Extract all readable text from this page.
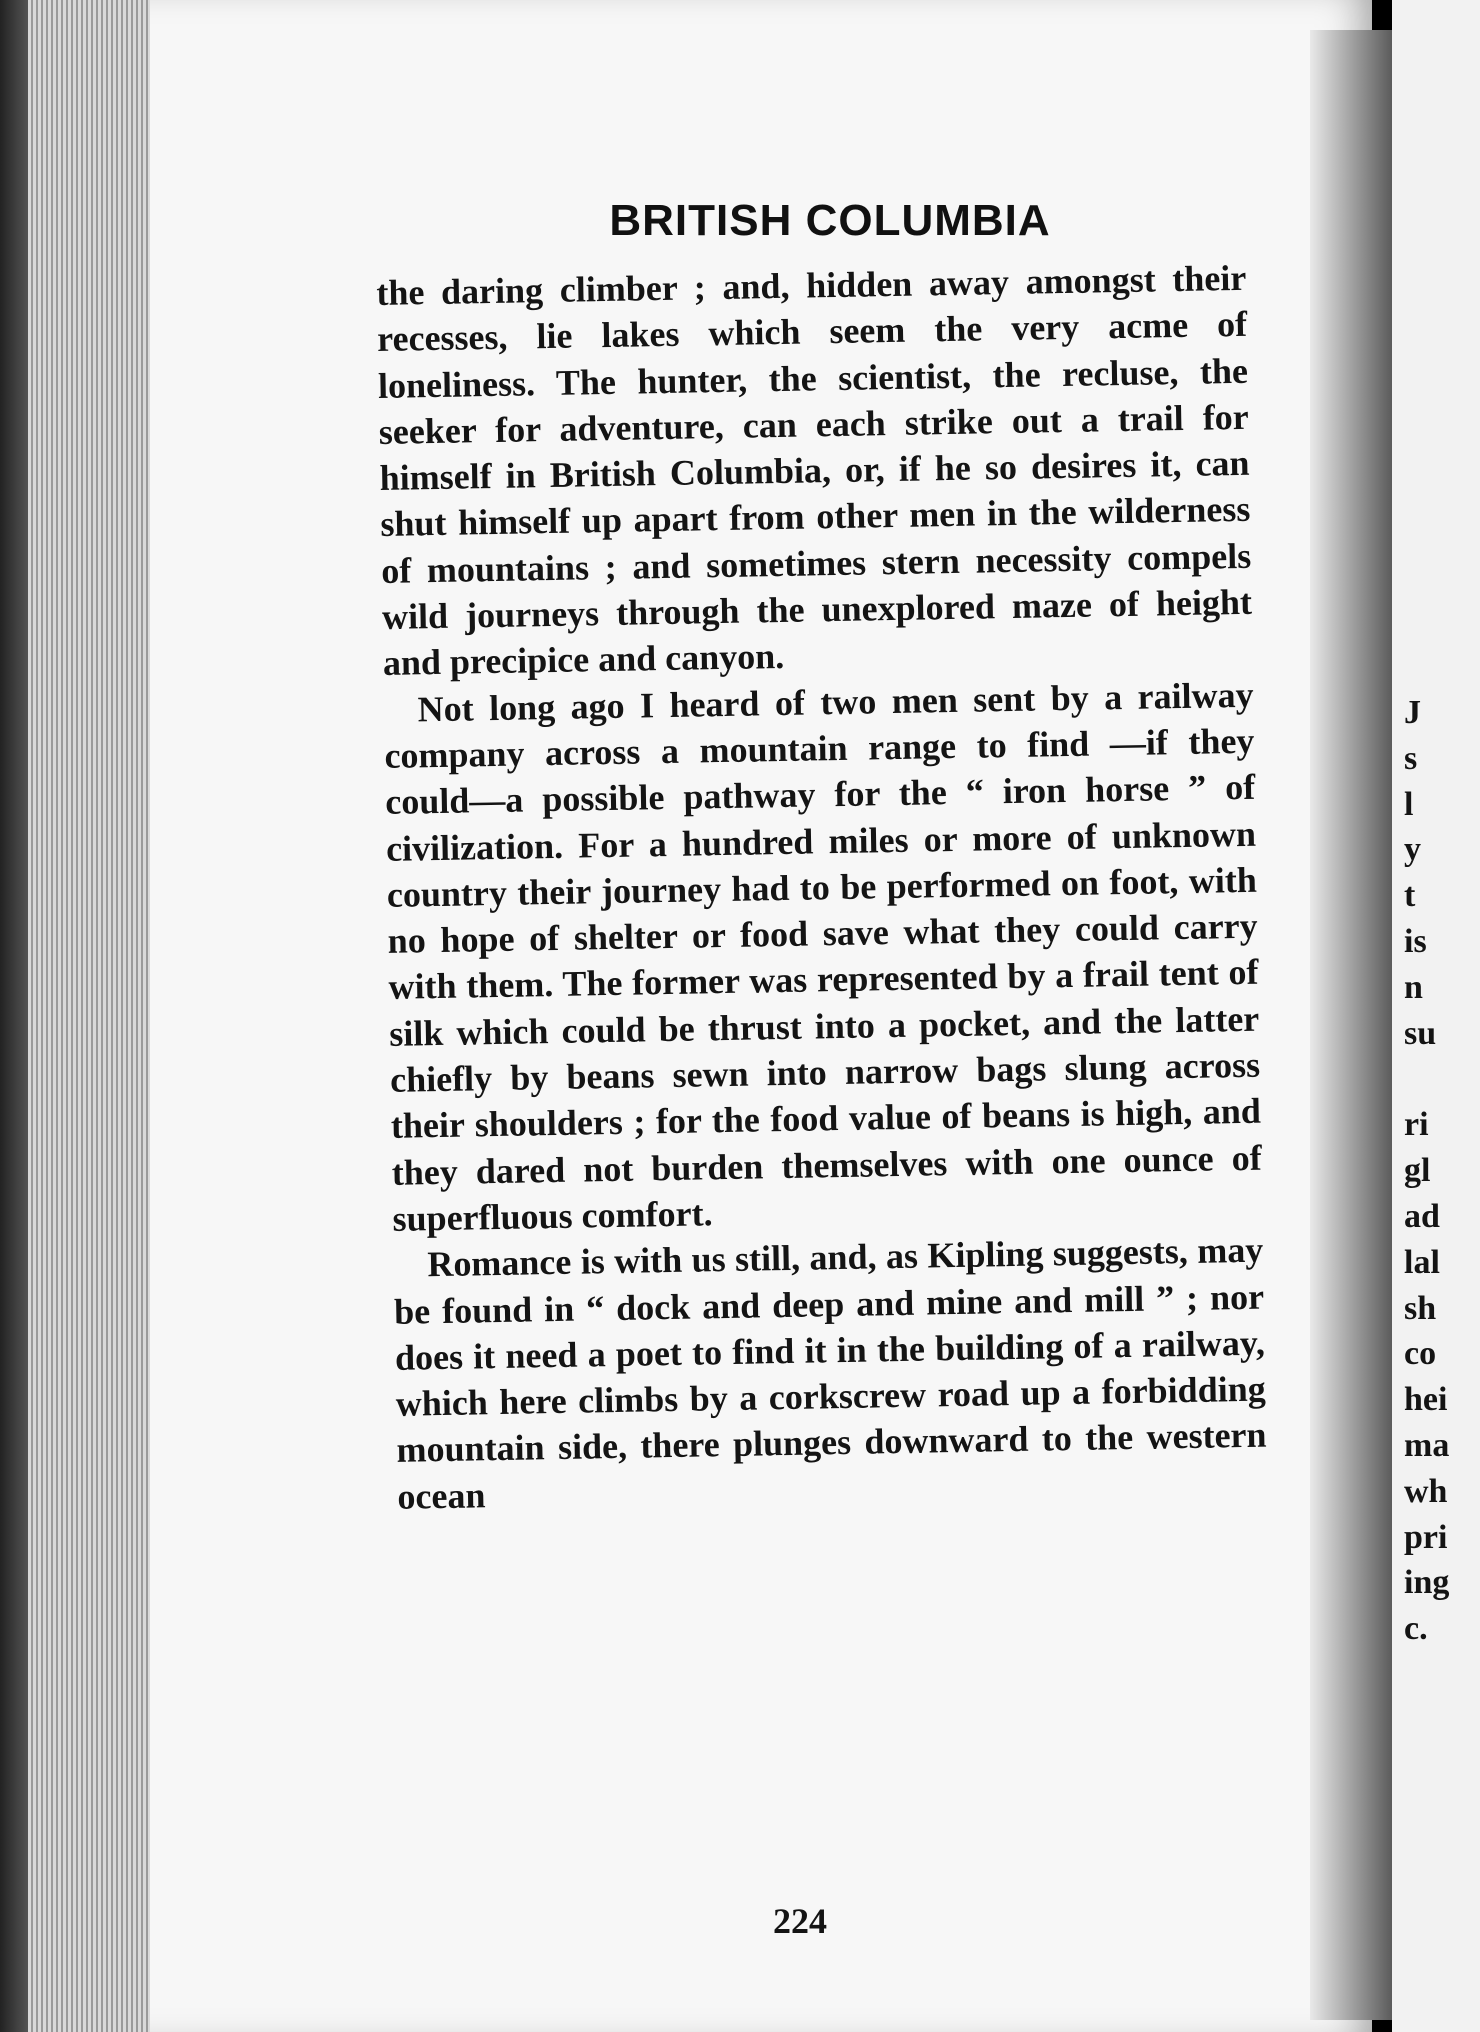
BRITISH COLUMBIA

the daring climber ; and, hidden away amongst their recesses, lie lakes which seem the very acme of loneliness. The hunter, the scientist, the recluse, the seeker for adventure, can each strike out a trail for himself in British Columbia, or, if he so desires it, can shut himself up apart from other men in the wilderness of mountains ; and sometimes stern necessity compels wild journeys through the unexplored maze of height and precipice and canyon.

Not long ago I heard of two men sent by a railway company across a mountain range to find —if they could—a possible pathway for the “ iron horse ” of civilization. For a hundred miles or more of unknown country their journey had to be performed on foot, with no hope of shelter or food save what they could carry with them. The former was represented by a frail tent of silk which could be thrust into a pocket, and the latter chiefly by beans sewn into narrow bags slung across their shoulders ; for the food value of beans is high, and they dared not burden themselves with one ounce of superfluous comfort.

Romance is with us still, and, as Kipling suggests, may be found in “ dock and deep and mine and mill ” ; nor does it need a poet to find it in the building of a railway, which here climbs by a corkscrew road up a forbidding mountain side, there plunges downward to the western ocean

224
J
s
l
y
t
is
n
su
ri
gl
ad
lal
sh
co
hei
ma
wh
pri
ing
c.
